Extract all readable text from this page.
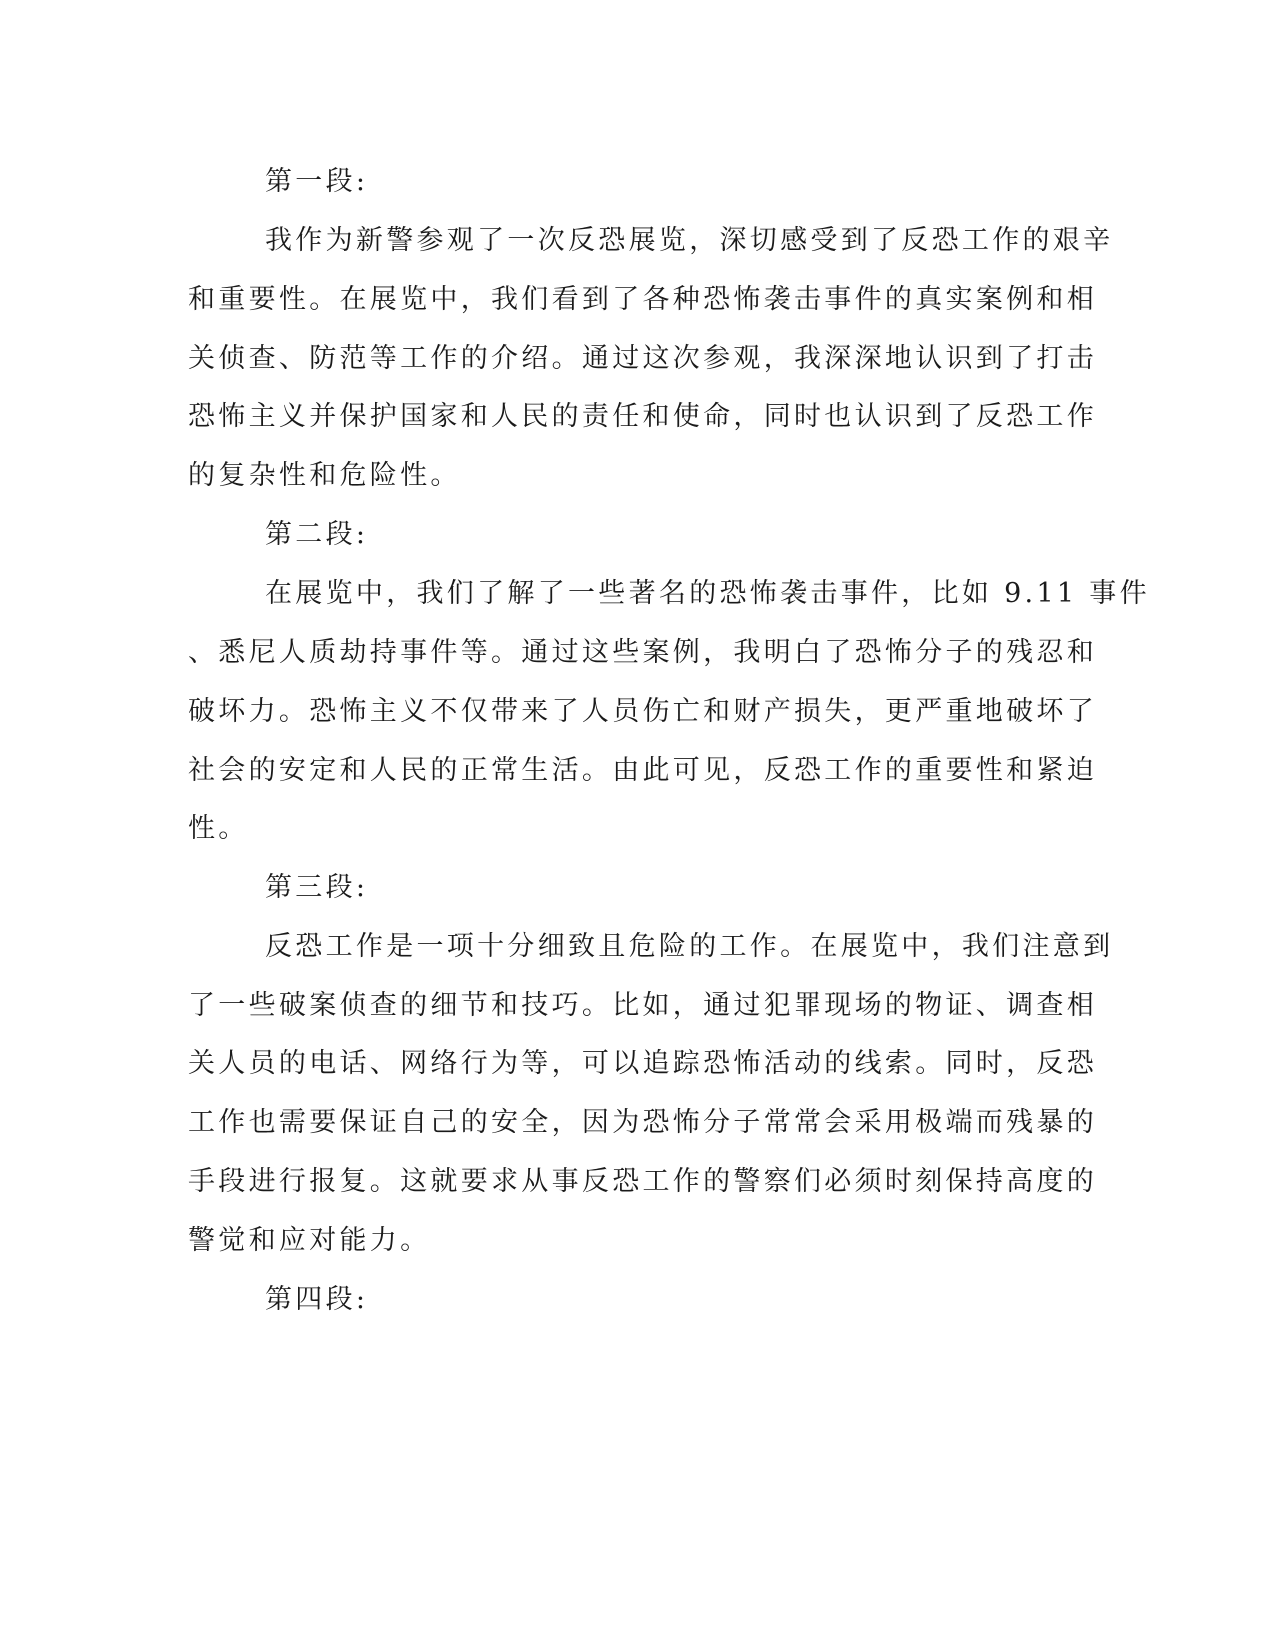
第一段:
我作为新警参观了一次反恐展览，深切感受到了反恐工作的艰辛
和重要性。在展览中，我们看到了各种恐怖袭击事件的真实案例和相
关侦查、防范等工作的介绍。通过这次参观，我深深地认识到了打击
恐怖主义并保护国家和人民的责任和使命，同时也认识到了反恐工作
的复杂性和危险性。
第二段:
在展览中，我们了解了一些著名的恐怖袭击事件，比如 9.11 事件
、悉尼人质劫持事件等。通过这些案例，我明白了恐怖分子的残忍和
破坏力。恐怖主义不仅带来了人员伤亡和财产损失，更严重地破坏了
社会的安定和人民的正常生活。由此可见，反恐工作的重要性和紧迫
性。
第三段:
反恐工作是一项十分细致且危险的工作。在展览中，我们注意到
了一些破案侦查的细节和技巧。比如，通过犯罪现场的物证、调查相
关人员的电话、网络行为等，可以追踪恐怖活动的线索。同时，反恐
工作也需要保证自己的安全，因为恐怖分子常常会采用极端而残暴的
手段进行报复。这就要求从事反恐工作的警察们必须时刻保持高度的
警觉和应对能力。
第四段:
